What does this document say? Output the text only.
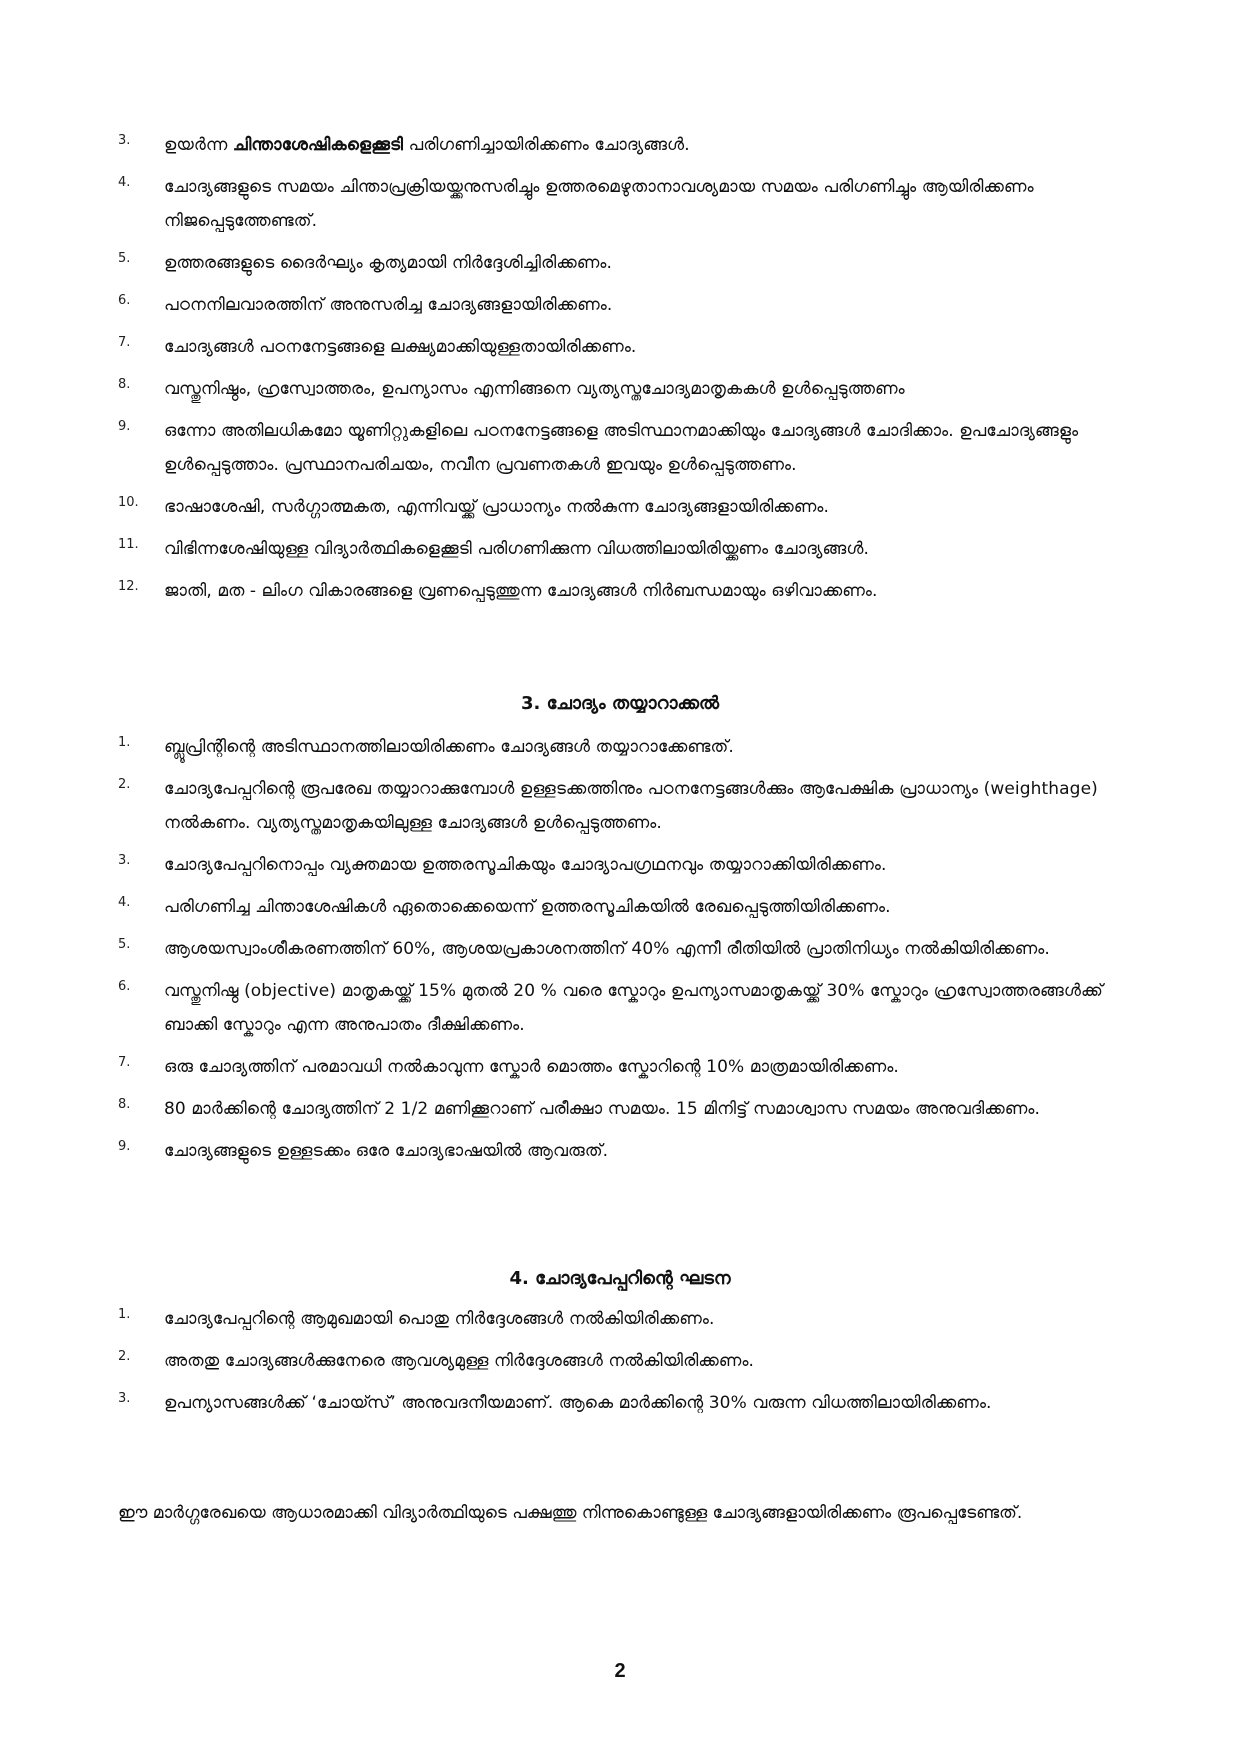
3.	ഉയർന്ന ചിന്താശേഷികളെക്കൂടി പരിഗണിച്ചായിരിക്കണം ചോദ്യങ്ങൾ.
4.	ചോദ്യങ്ങളുടെ സമയം ചിന്താപ്രക്രിയയ്ക്കനുസരിച്ചും ഉത്തരമെഴുതാനാവശ്യമായ സമയം പരിഗണിച്ചും ആയിരിക്കണം നിജപ്പെടുത്തേണ്ടത്.
5.	ഉത്തരങ്ങളുടെ ദൈർഘ്യം കൃത്യമായി നിർദ്ദേശിച്ചിരിക്കണം.
6.	പഠനനിലവാരത്തിന് അനുസരിച്ച ചോദ്യങ്ങളായിരിക്കണം.
7.	ചോദ്യങ്ങൾ പഠനനേട്ടങ്ങളെ ലക്ഷ്യമാക്കിയുള്ളതായിരിക്കണം.
8.	വസ്തുനിഷ്ഠം, ഹ്രസ്വോത്തരം, ഉപന്യാസം എന്നിങ്ങനെ വ്യത്യസ്തചോദ്യമാതൃകകൾ ഉൾപ്പെടുത്തണം
9.	ഒന്നോ അതിലധികമോ യൂണിറ്റുകളിലെ പഠനനേട്ടങ്ങളെ അടിസ്ഥാനമാക്കിയും ചോദ്യങ്ങൾ ചോദിക്കാം. ഉപചോദ്യങ്ങളും ഉൾപ്പെടുത്താം. പ്രസ്ഥാനപരിചയം, നവീന പ്രവണതകൾ ഇവയും ഉൾപ്പെടുത്തണം.
10.	ഭാഷാശേഷി, സർഗ്ഗാത്മകത, എന്നിവയ്ക്ക് പ്രാധാന്യം നൽകുന്ന ചോദ്യങ്ങളായിരിക്കണം.
11.	വിഭിന്നശേഷിയുള്ള വിദ്യാർത്ഥികളെക്കൂടി പരിഗണിക്കുന്ന വിധത്തിലായിരിയ്ക്കണം ചോദ്യങ്ങൾ.
12.	ജാതി, മത - ലിംഗ വികാരങ്ങളെ വ്രണപ്പെടുത്തുന്ന ചോദ്യങ്ങൾ നിർബന്ധമായും ഒഴിവാക്കണം.
3. ചോദ്യം തയ്യാറാക്കൽ
1.	ബ്ലൂപ്രിന്റിന്റെ അടിസ്ഥാനത്തിലായിരിക്കണം ചോദ്യങ്ങൾ തയ്യാറാക്കേണ്ടത്.
2.	ചോദ്യപേപ്പറിന്റെ രൂപരേഖ തയ്യാറാക്കുമ്പോൾ ഉള്ളടക്കത്തിനും പഠനനേട്ടങ്ങൾക്കും ആപേക്ഷിക പ്രാധാന്യം (weighthage) നൽകണം. വ്യത്യസ്തമാതൃകയിലുള്ള ചോദ്യങ്ങൾ ഉൾപ്പെടുത്തണം.
3.	ചോദ്യപേപ്പറിനൊപ്പം വ്യക്തമായ ഉത്തരസൂചികയും ചോദ്യാപഗ്രഥനവും തയ്യാറാക്കിയിരിക്കണം.
4.	പരിഗണിച്ച ചിന്താശേഷികൾ ഏതൊക്കെയെന്ന് ഉത്തരസൂചികയിൽ രേഖപ്പെടുത്തിയിരിക്കണം.
5.	ആശയസ്വാംശീകരണത്തിന് 60%, ആശയപ്രകാശനത്തിന് 40% എന്നീ രീതിയിൽ പ്രാതിനിധ്യം നൽകിയിരിക്കണം.
6.	വസ്തുനിഷ്ഠ (objective) മാതൃകയ്ക്ക് 15% മുതൽ 20 % വരെ സ്കോറും ഉപന്യാസമാതൃകയ്ക്ക് 30% സ്കോറും ഹ്രസ്വോത്തരങ്ങൾക്ക് ബാക്കി സ്കോറും എന്ന അനുപാതം ദീക്ഷിക്കണം.
7.	ഒരു ചോദ്യത്തിന് പരമാവധി നൽകാവുന്ന സ്കോർ മൊത്തം സ്കോറിന്റെ 10% മാത്രമായിരിക്കണം.
8.	80 മാർക്കിന്റെ ചോദ്യത്തിന് 2 1/2 മണിക്കൂറാണ് പരീക്ഷാ സമയം. 15 മിനിട്ട് സമാശ്വാസ സമയം അനുവദിക്കണം.
9.	ചോദ്യങ്ങളുടെ ഉള്ളടക്കം ഒരേ ചോദ്യഭാഷയിൽ ആവരുത്.
4. ചോദ്യപേപ്പറിന്റെ ഘടന
1.	ചോദ്യപേപ്പറിന്റെ ആമുഖമായി പൊതു നിർദ്ദേശങ്ങൾ നൽകിയിരിക്കണം.
2.	അതതു ചോദ്യങ്ങൾക്കുനേരെ ആവശ്യമുള്ള നിർദ്ദേശങ്ങൾ നൽകിയിരിക്കണം.
3.	ഉപന്യാസങ്ങൾക്ക് ‘ചോയ്സ്’ അനുവദനീയമാണ്. ആകെ മാർക്കിന്റെ 30% വരുന്ന വിധത്തിലായിരിക്കണം.
ഈ മാർഗ്ഗരേഖയെ ആധാരമാക്കി വിദ്യാർത്ഥിയുടെ പക്ഷത്തു നിന്നുകൊണ്ടുള്ള ചോദ്യങ്ങളായിരിക്കണം രൂപപ്പെടേണ്ടത്.
2
